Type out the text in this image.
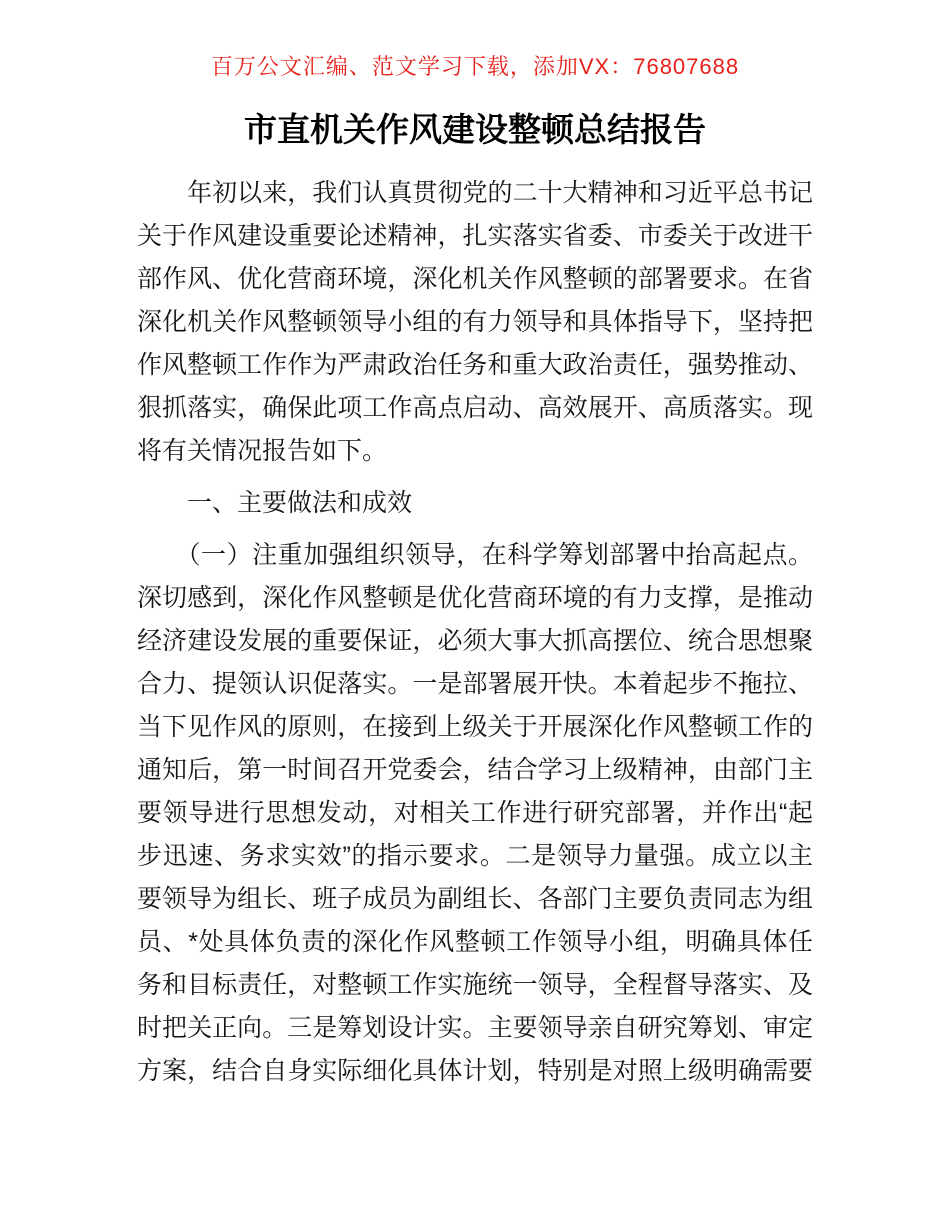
百万公文汇编、范文学习下载，添加VX：76807688
市直机关作风建设整顿总结报告
　　年初以来，我们认真贯彻党的二十大精神和习近平总书记
关于作风建设重要论述精神，扎实落实省委、市委关于改进干
部作风、优化营商环境，深化机关作风整顿的部署要求。在省
深化机关作风整顿领导小组的有力领导和具体指导下，坚持把
作风整顿工作作为严肃政治任务和重大政治责任，强势推动、
狠抓落实，确保此项工作高点启动、高效展开、高质落实。现
将有关情况报告如下。
　　一、主要做法和成效
　　（一）注重加强组织领导，在科学筹划部署中抬高起点。
深切感到，深化作风整顿是优化营商环境的有力支撑，是推动
经济建设发展的重要保证，必须大事大抓高摆位、统合思想聚
合力、提领认识促落实。一是部署展开快。本着起步不拖拉、
当下见作风的原则，在接到上级关于开展深化作风整顿工作的
通知后，第一时间召开党委会，结合学习上级精神，由部门主
要领导进行思想发动，对相关工作进行研究部署，并作出“起
步迅速、务求实效”的指示要求。二是领导力量强。成立以主
要领导为组长、班子成员为副组长、各部门主要负责同志为组
员、*处具体负责的深化作风整顿工作领导小组，明确具体任
务和目标责任，对整顿工作实施统一领导，全程督导落实、及
时把关正向。三是筹划设计实。主要领导亲自研究筹划、审定
方案，结合自身实际细化具体计划，特别是对照上级明确需要
